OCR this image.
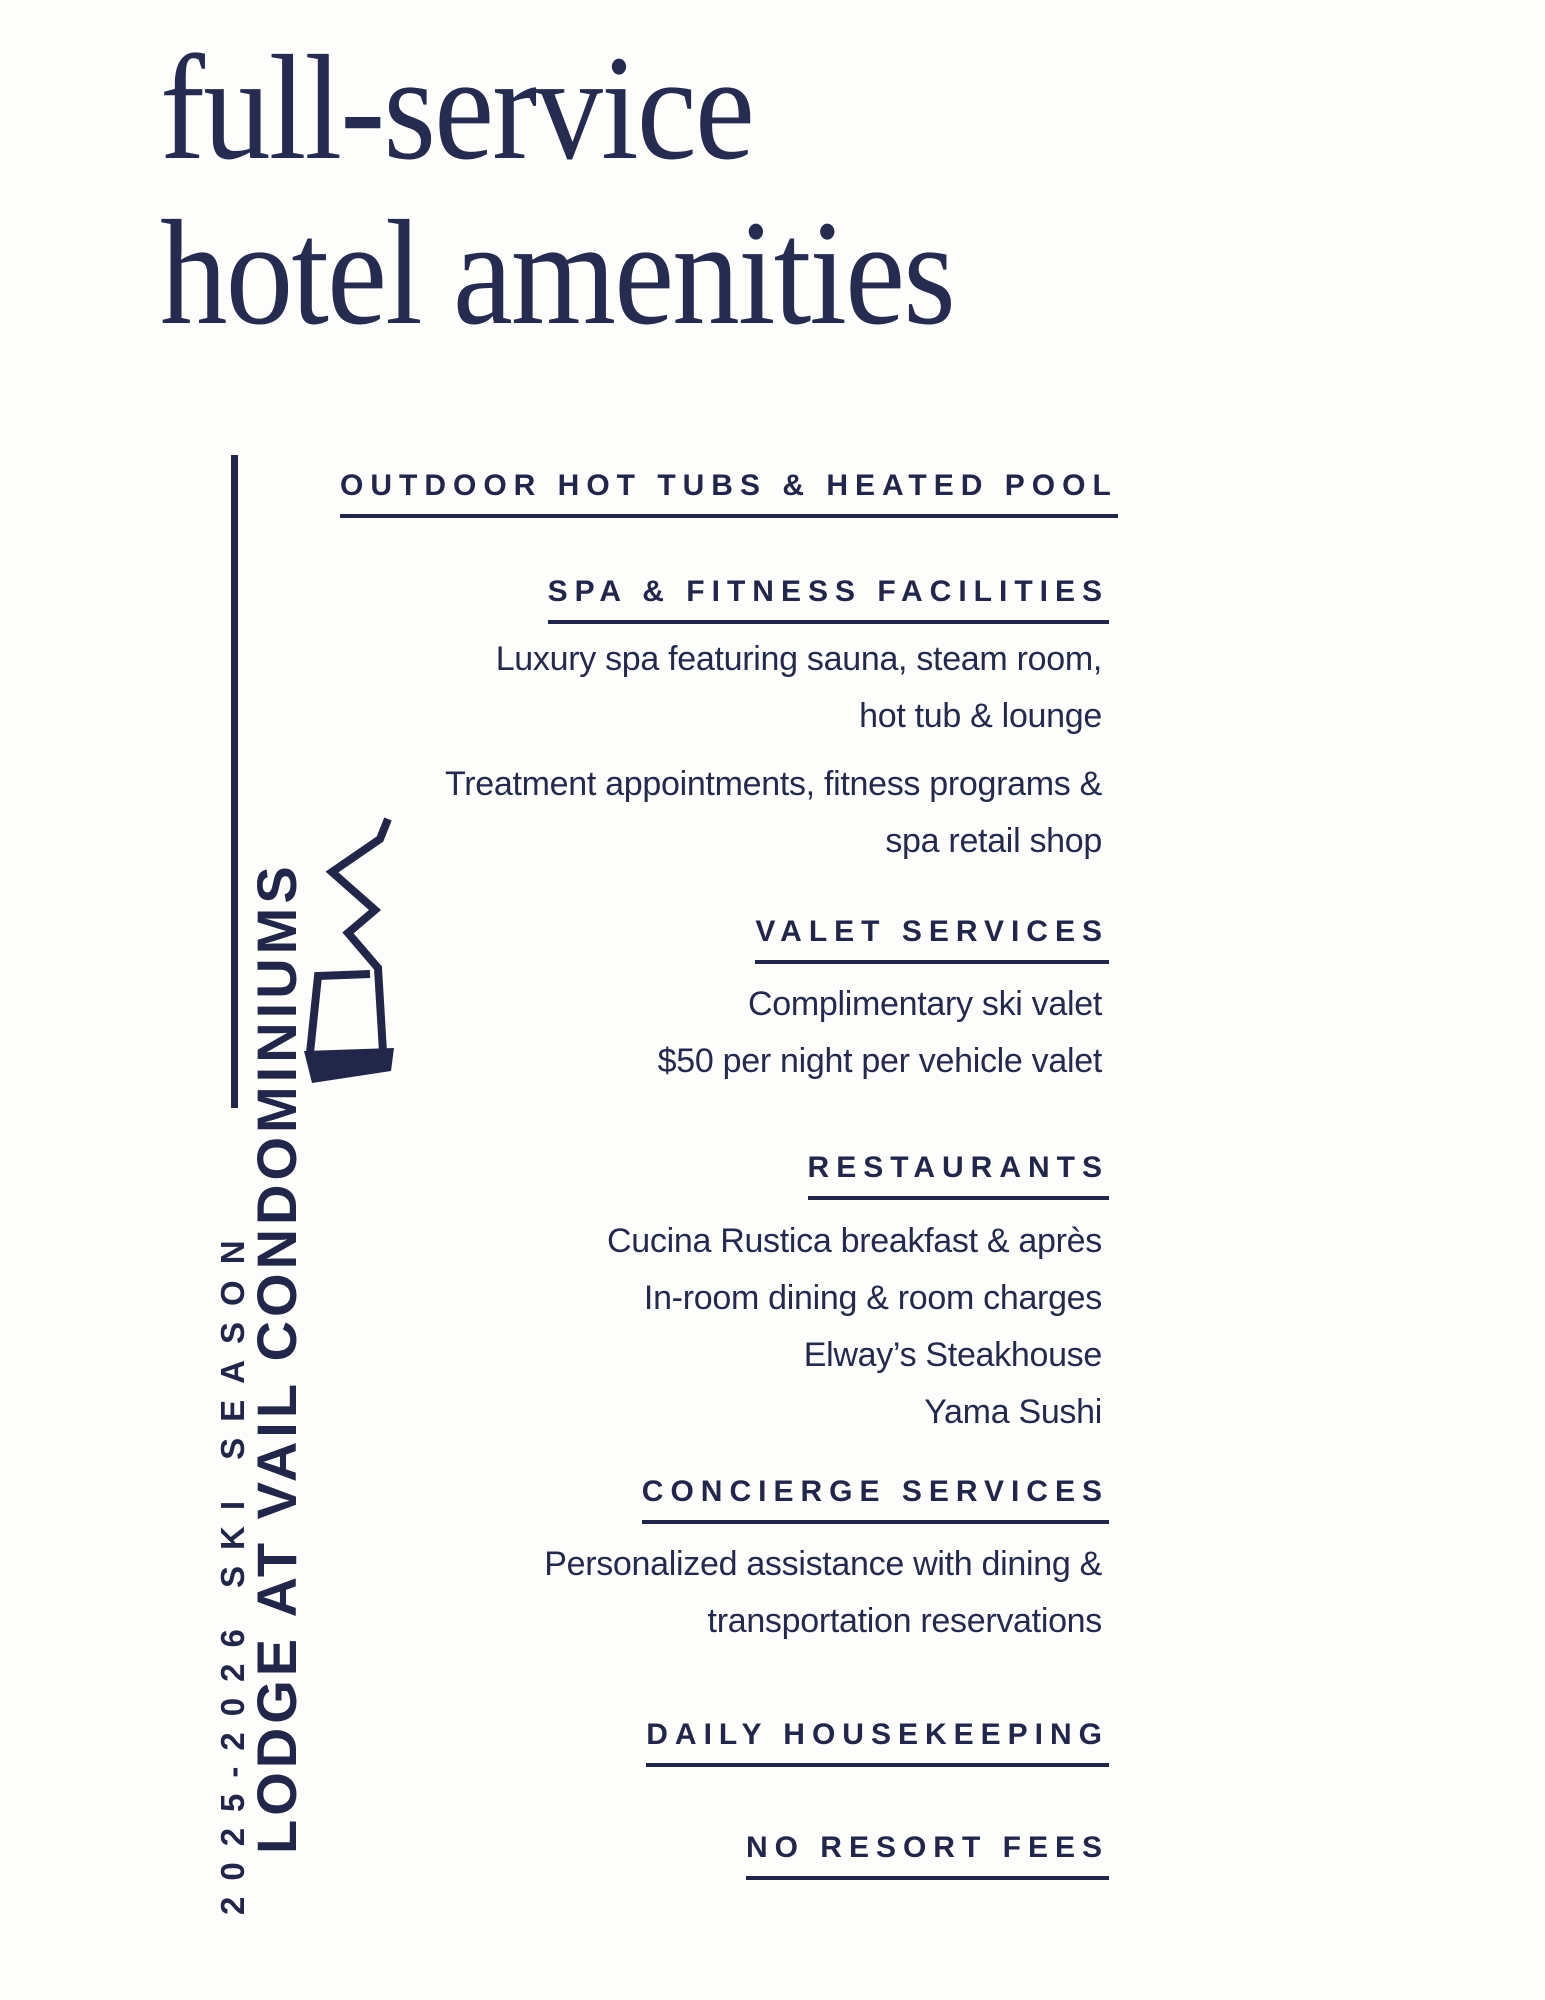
full-service
hotel amenities
2025-2026 SKI SEASON
LODGE AT VAIL CONDOMINIUMS
OUTDOOR HOT TUBS & HEATED POOL
SPA & FITNESS FACILITIES

Luxury spa featuring sauna, steam room,
hot tub & lounge

Treatment appointments, fitness programs &
spa retail shop

VALET SERVICES

Complimentary ski valet
$50 per night per vehicle valet

RESTAURANTS

Cucina Rustica breakfast & après
In-room dining & room charges
Elway’s Steakhouse
Yama Sushi

CONCIERGE SERVICES

Personalized assistance with dining &
transportation reservations

DAILY HOUSEKEEPING
NO RESORT FEES
